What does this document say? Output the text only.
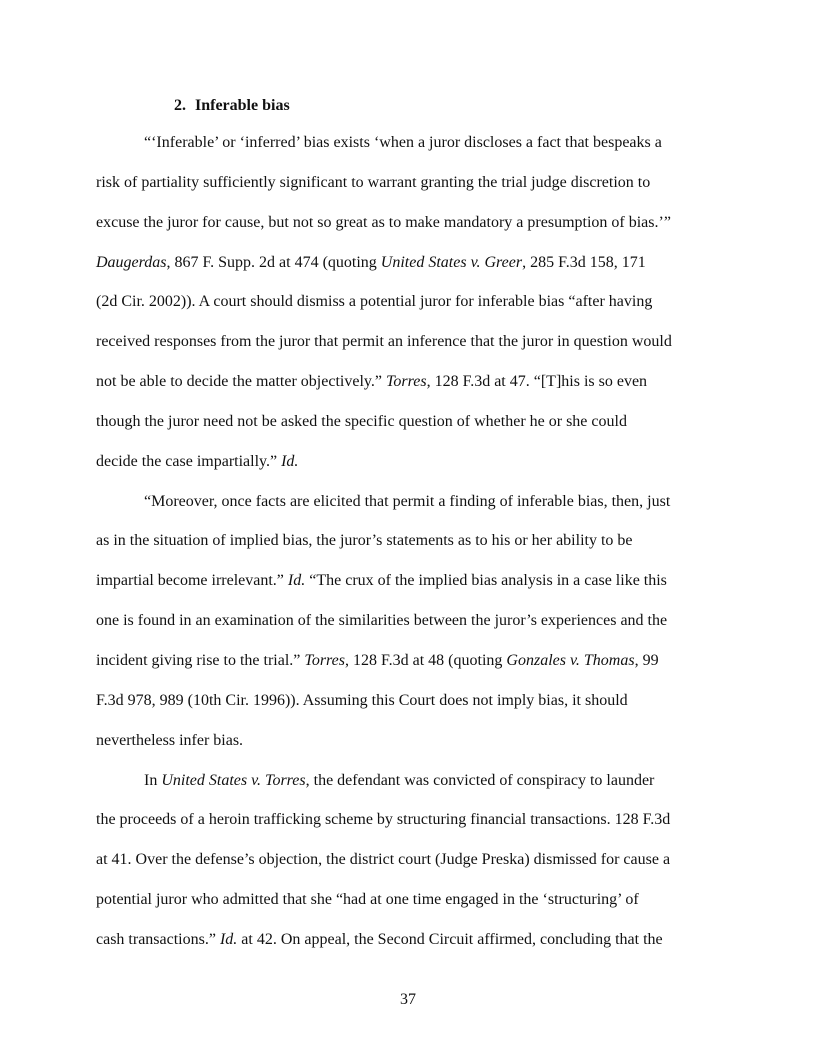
2. Inferable bias
“‘Inferable’ or ‘inferred’ bias exists ‘when a juror discloses a fact that bespeaks a
risk of partiality sufficiently significant to warrant granting the trial judge discretion to
excuse the juror for cause, but not so great as to make mandatory a presumption of bias.’”
Daugerdas, 867 F. Supp. 2d at 474 (quoting United States v. Greer, 285 F.3d 158, 171
(2d Cir. 2002)). A court should dismiss a potential juror for inferable bias “after having
received responses from the juror that permit an inference that the juror in question would
not be able to decide the matter objectively.” Torres, 128 F.3d at 47. “[T]his is so even
though the juror need not be asked the specific question of whether he or she could
decide the case impartially.” Id.
“Moreover, once facts are elicited that permit a finding of inferable bias, then, just
as in the situation of implied bias, the juror’s statements as to his or her ability to be
impartial become irrelevant.” Id. “The crux of the implied bias analysis in a case like this
one is found in an examination of the similarities between the juror’s experiences and the
incident giving rise to the trial.” Torres, 128 F.3d at 48 (quoting Gonzales v. Thomas, 99
F.3d 978, 989 (10th Cir. 1996)). Assuming this Court does not imply bias, it should
nevertheless infer bias.
In United States v. Torres, the defendant was convicted of conspiracy to launder
the proceeds of a heroin trafficking scheme by structuring financial transactions. 128 F.3d
at 41. Over the defense’s objection, the district court (Judge Preska) dismissed for cause a
potential juror who admitted that she “had at one time engaged in the ‘structuring’ of
cash transactions.” Id. at 42. On appeal, the Second Circuit affirmed, concluding that the
37
